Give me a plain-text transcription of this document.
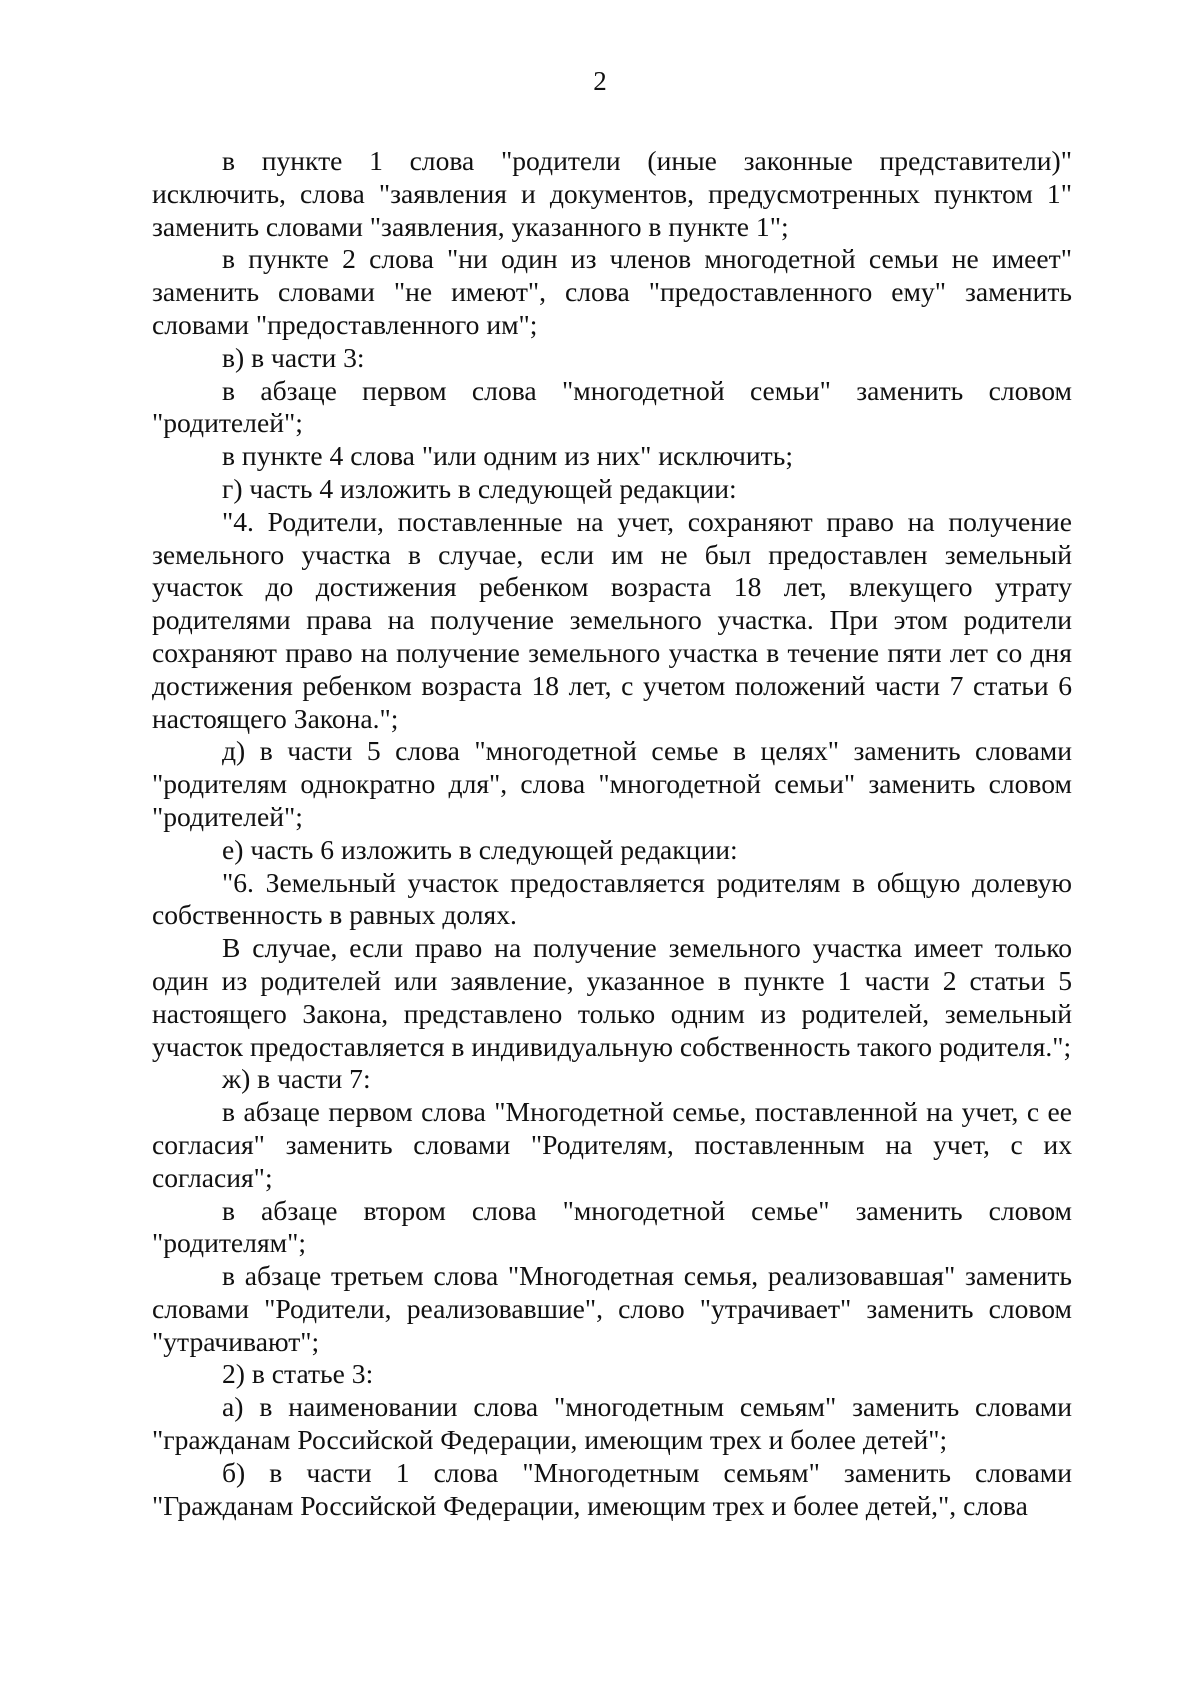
2

в пункте 1 слова "родители (иные законные представители)" исключить, слова "заявления и документов, предусмотренных пунктом 1" заменить словами "заявления, указанного в пункте 1";

в пункте 2 слова "ни один из членов многодетной семьи не имеет" заменить словами "не имеют", слова "предоставленного ему" заменить словами "предоставленного им";

в) в части 3:

в абзаце первом слова "многодетной семьи" заменить словом "родителей";

в пункте 4 слова "или одним из них" исключить;

г) часть 4 изложить в следующей редакции:

"4. Родители, поставленные на учет, сохраняют право на получение земельного участка в случае, если им не был предоставлен земельный участок до достижения ребенком возраста 18 лет, влекущего утрату родителями права на получение земельного участка. При этом родители сохраняют право на получение земельного участка в течение пяти лет со дня достижения ребенком возраста 18 лет, с учетом положений части 7 статьи 6 настоящего Закона.";

д) в части 5 слова "многодетной семье в целях" заменить словами "родителям однократно для", слова "многодетной семьи" заменить словом "родителей";

е) часть 6 изложить в следующей редакции:

"6. Земельный участок предоставляется родителям в общую долевую собственность в равных долях.

В случае, если право на получение земельного участка имеет только один из родителей или заявление, указанное в пункте 1 части 2 статьи 5 настоящего Закона, представлено только одним из родителей, земельный участок предоставляется в индивидуальную собственность такого родителя.";

ж) в части 7:

в абзаце первом слова "Многодетной семье, поставленной на учет, с ее согласия" заменить словами "Родителям, поставленным на учет, с их согласия";

в абзаце втором слова "многодетной семье" заменить словом "родителям";

в абзаце третьем слова "Многодетная семья, реализовавшая" заменить словами "Родители, реализовавшие", слово "утрачивает" заменить словом "утрачивают";

2) в статье 3:

а) в наименовании слова "многодетным семьям" заменить словами "гражданам Российской Федерации, имеющим трех и более детей";

б) в части 1 слова "Многодетным семьям" заменить словами "Гражданам Российской Федерации, имеющим трех и более детей,", слова
